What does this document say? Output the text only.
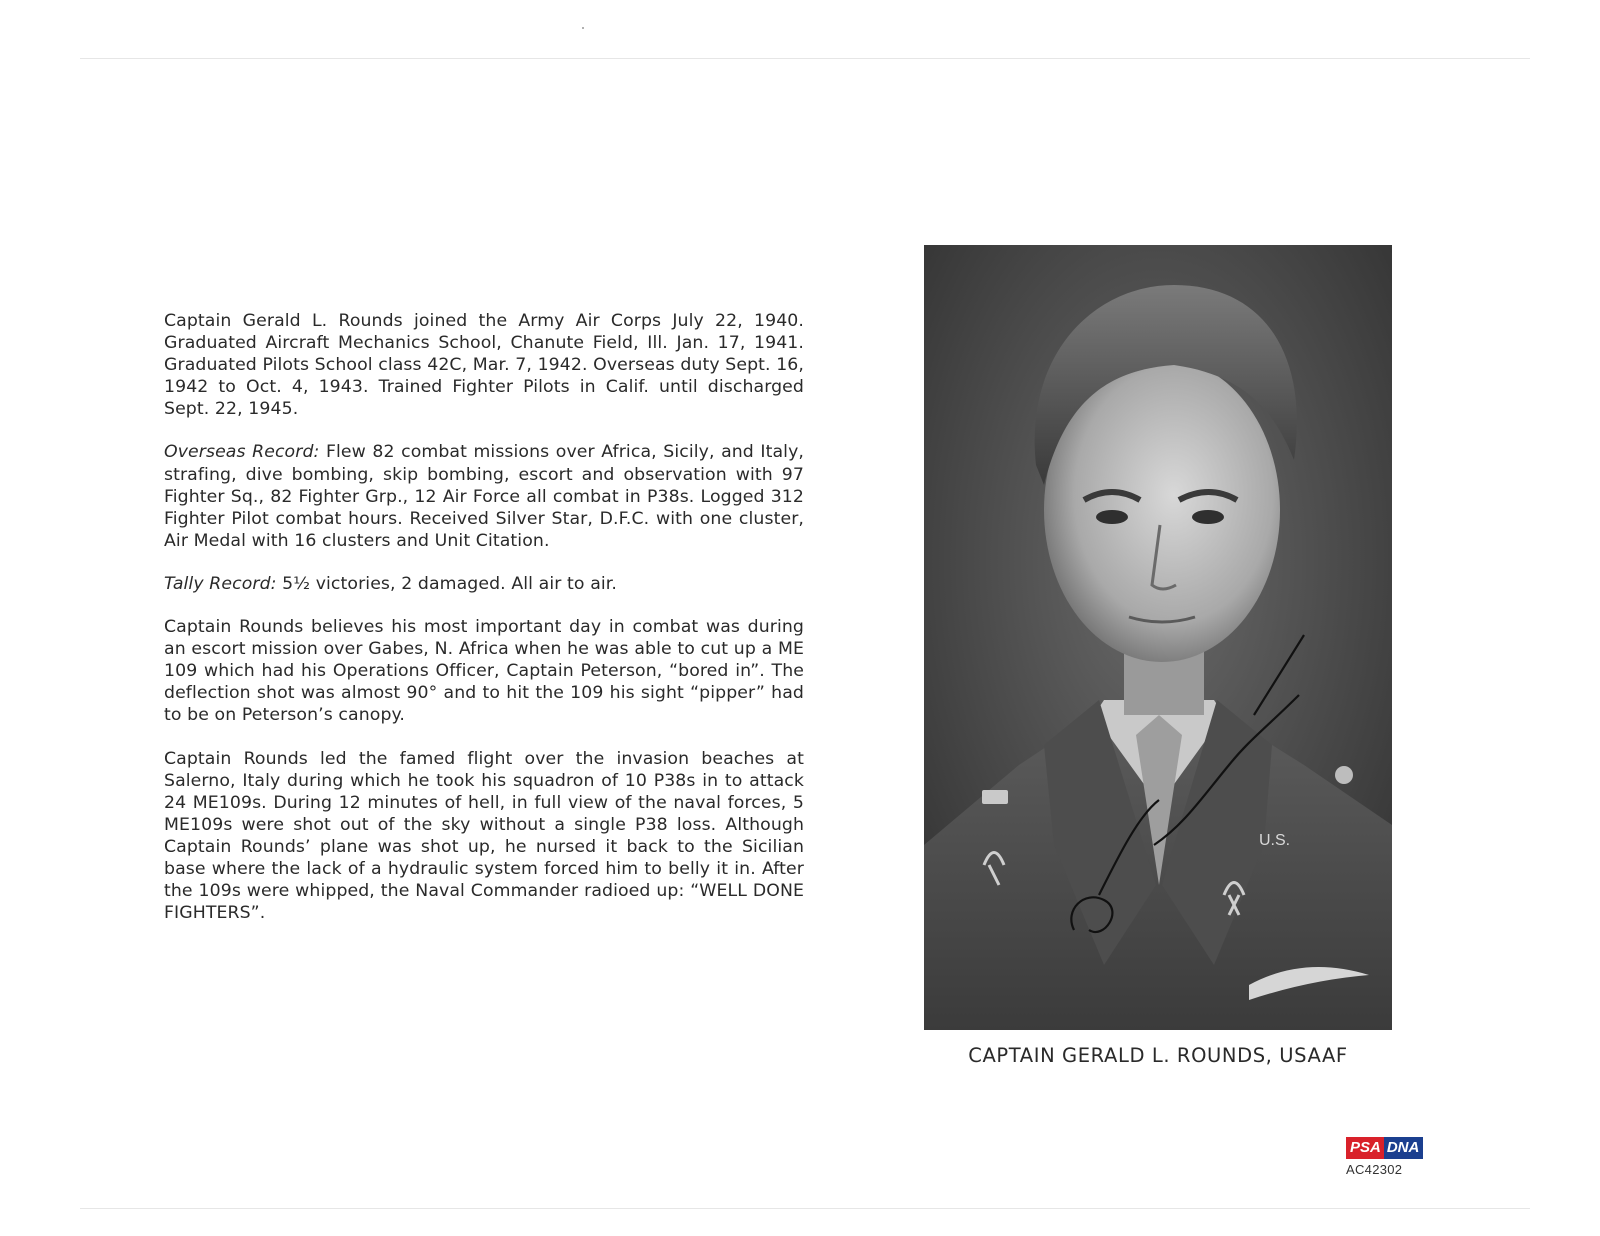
Captain Gerald L. Rounds joined the Army Air Corps July 22, 1940. Graduated Aircraft Mechanics School, Chanute Field, Ill. Jan. 17, 1941. Graduated Pilots School class 42C, Mar. 7, 1942. Overseas duty Sept. 16, 1942 to Oct. 4, 1943. Trained Fighter Pilots in Calif. until discharged Sept. 22, 1945.

Overseas Record: Flew 82 combat missions over Africa, Sicily, and Italy, strafing, dive bombing, skip bombing, escort and observation with 97 Fighter Sq., 82 Fighter Grp., 12 Air Force all combat in P38s. Logged 312 Fighter Pilot combat hours. Received Silver Star, D.F.C. with one cluster, Air Medal with 16 clusters and Unit Citation.

Tally Record: 5½ victories, 2 damaged. All air to air.

Captain Rounds believes his most important day in combat was during an escort mission over Gabes, N. Africa when he was able to cut up a ME 109 which had his Operations Officer, Captain Peterson, “bored in”. The deflection shot was almost 90° and to hit the 109 his sight “pipper” had to be on Peterson’s canopy.

Captain Rounds led the famed flight over the invasion beaches at Salerno, Italy during which he took his squadron of 10 P38s in to attack 24 ME109s. During 12 minutes of hell, in full view of the naval forces, 5 ME109s were shot out of the sky without a single P38 loss. Although Captain Rounds’ plane was shot up, he nursed it back to the Sicilian base where the lack of a hydraulic system forced him to belly it in. After the 109s were whipped, the Naval Commander radioed up: “WELL DONE FIGHTERS”.

U.S.
CAPTAIN GERALD L. ROUNDS, USAAF
PSA DNA
AC42302
